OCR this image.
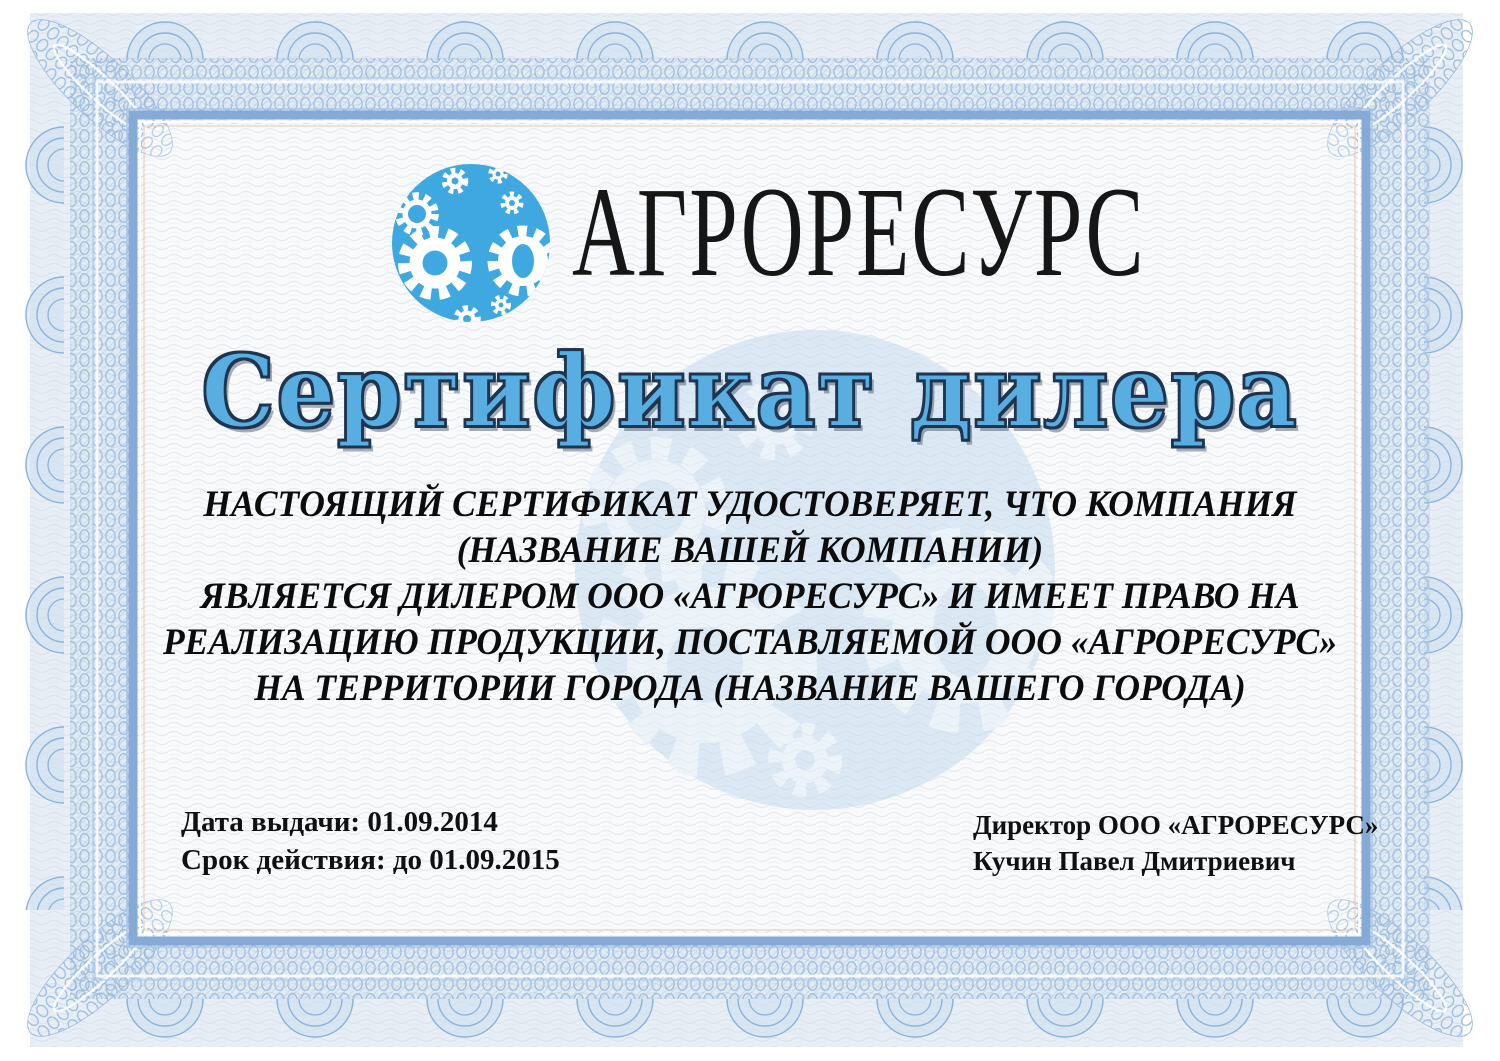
АГРОРЕСУРС
Сертификат дилера
НАСТОЯЩИЙ СЕРТИФИКАТ УДОСТОВЕРЯЕТ, ЧТО КОМПАНИЯ
(НАЗВАНИЕ ВАШЕЙ КОМПАНИИ)
ЯВЛЯЕТСЯ ДИЛЕРОМ ООО «АГРОРЕСУРС» И ИМЕЕТ ПРАВО НА
РЕАЛИЗАЦИЮ ПРОДУКЦИИ, ПОСТАВЛЯЕМОЙ ООО «АГРОРЕСУРС»
НА ТЕРРИТОРИИ ГОРОДА (НАЗВАНИЕ ВАШЕГО ГОРОДА)
Дата выдачи: 01.09.2014
Срок действия: до 01.09.2015
Директор ООО «АГРОРЕСУРС»
Кучин Павел Дмитриевич
